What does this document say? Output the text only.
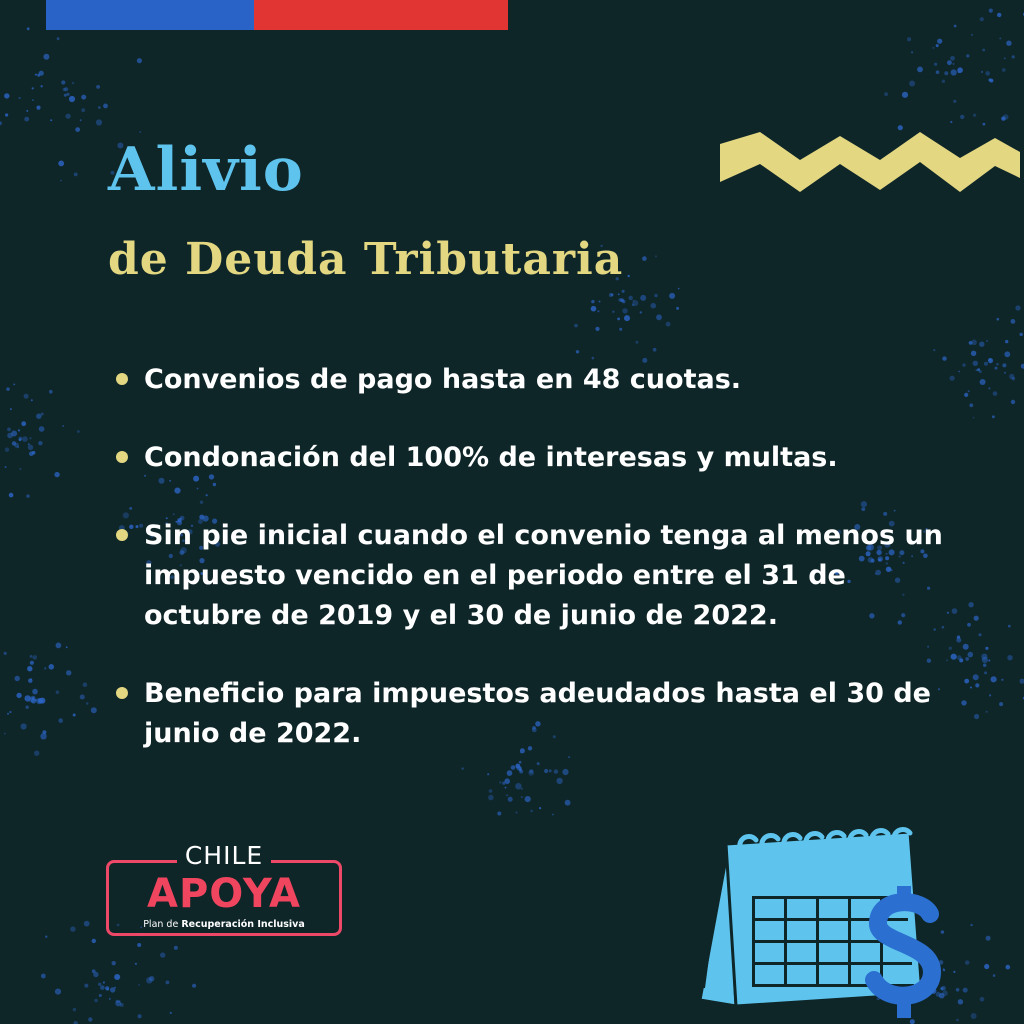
Alivio
de Deuda Tributaria
Convenios de pago hasta en 48 cuotas.
Condonación del 100% de interesas y multas.
Sin pie inicial cuando el convenio tenga al menos un impuesto vencido en el periodo entre el 31 de octubre de 2019 y el 30 de junio de 2022.
Beneficio para impuestos adeudados hasta el 30 de junio de 2022.
CHILE
APOYA
Plan de Recuperación Inclusiva
